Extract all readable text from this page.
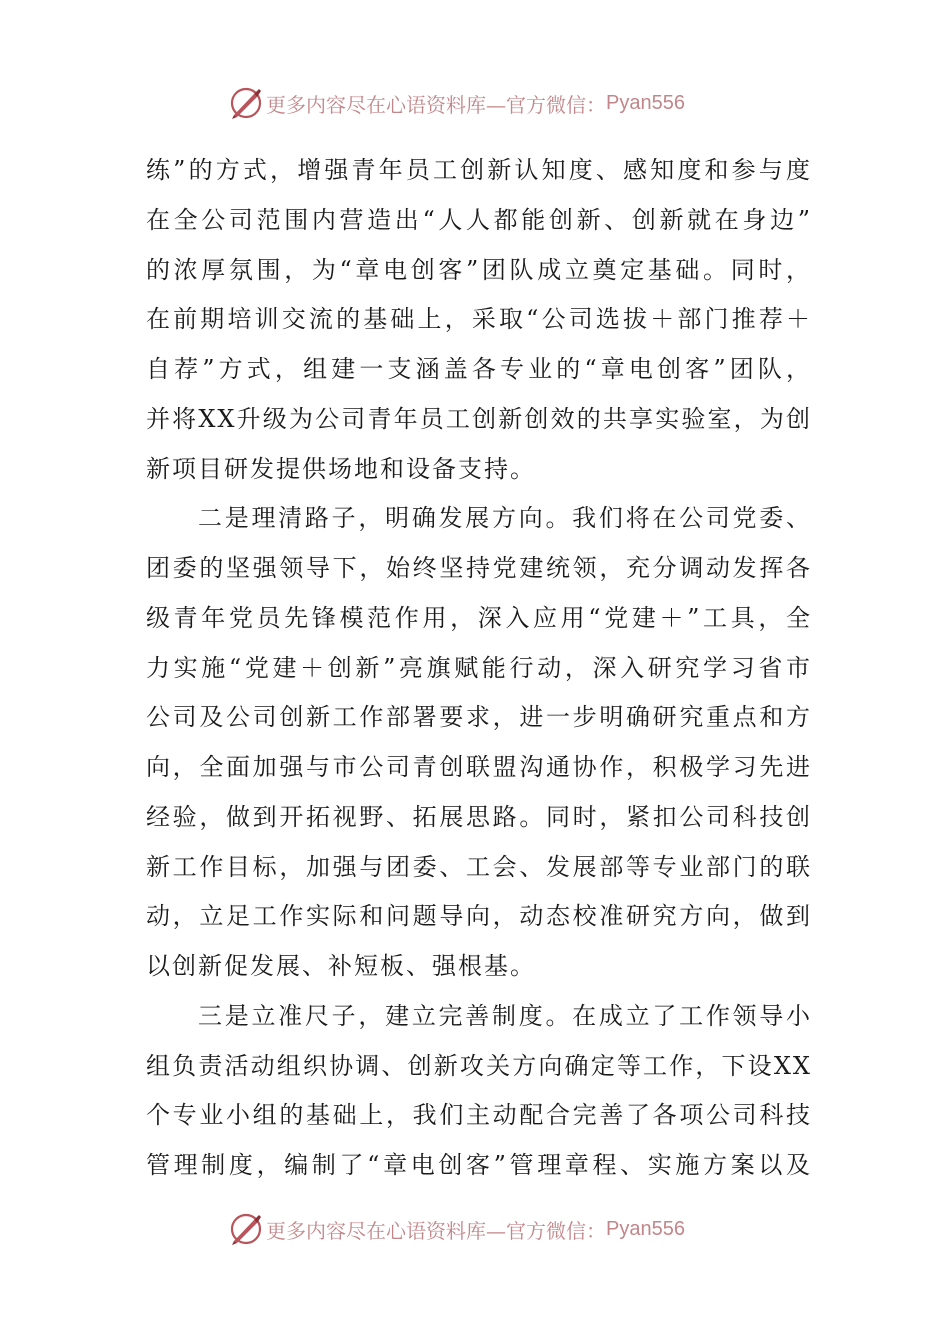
更多内容尽在心语资料库—官方微信： Pyan556
练”的方式，增强青年员工创新认知度、感知度和参与度
在全公司范围内营造出“人人都能创新、创新就在身边”
的浓厚氛围，为“章电创客”团队成立奠定基础。同时，
在前期培训交流的基础上，采取“公司选拔＋部门推荐＋
自荐”方式，组建一支涵盖各专业的“章电创客”团队，
并将XX升级为公司青年员工创新创效的共享实验室，为创
新项目研发提供场地和设备支持。
二是理清路子，明确发展方向。我们将在公司党委、
团委的坚强领导下，始终坚持党建统领，充分调动发挥各
级青年党员先锋模范作用，深入应用“党建＋”工具，全
力实施“党建＋创新”亮旗赋能行动，深入研究学习省市
公司及公司创新工作部署要求，进一步明确研究重点和方
向，全面加强与市公司青创联盟沟通协作，积极学习先进
经验，做到开拓视野、拓展思路。同时，紧扣公司科技创
新工作目标，加强与团委、工会、发展部等专业部门的联
动，立足工作实际和问题导向，动态校准研究方向，做到
以创新促发展、补短板、强根基。
三是立准尺子，建立完善制度。在成立了工作领导小
组负责活动组织协调、创新攻关方向确定等工作，下设XX
个专业小组的基础上，我们主动配合完善了各项公司科技
管理制度，编制了“章电创客”管理章程、实施方案以及
更多内容尽在心语资料库—官方微信： Pyan556
